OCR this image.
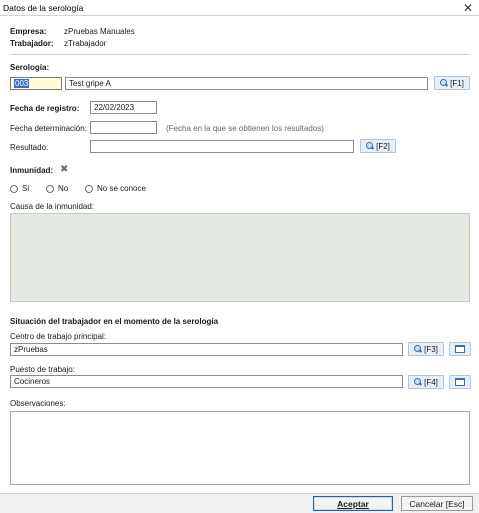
Datos de la serología	✕
Empresa: zPruebas Manuales
Trabajador: zTrabajador
Serología:
003	Test gripe A	[F1]
Fecha de registro:	22/02/2023
Fecha determinación:	(Fecha en la que se obtienen los resultados)
Resultado:	[F2]
Inmunidad: ✖
Si	No	No se conoce
Causa de la inmunidad:
Situación del trabajador en el momento de la serología
Centro de trabajo principal:
zPruebas	[F3]
Puesto de trabajo:
Cocineros	[F4]
Observaciones:
Aceptar	Cancelar [Esc]
